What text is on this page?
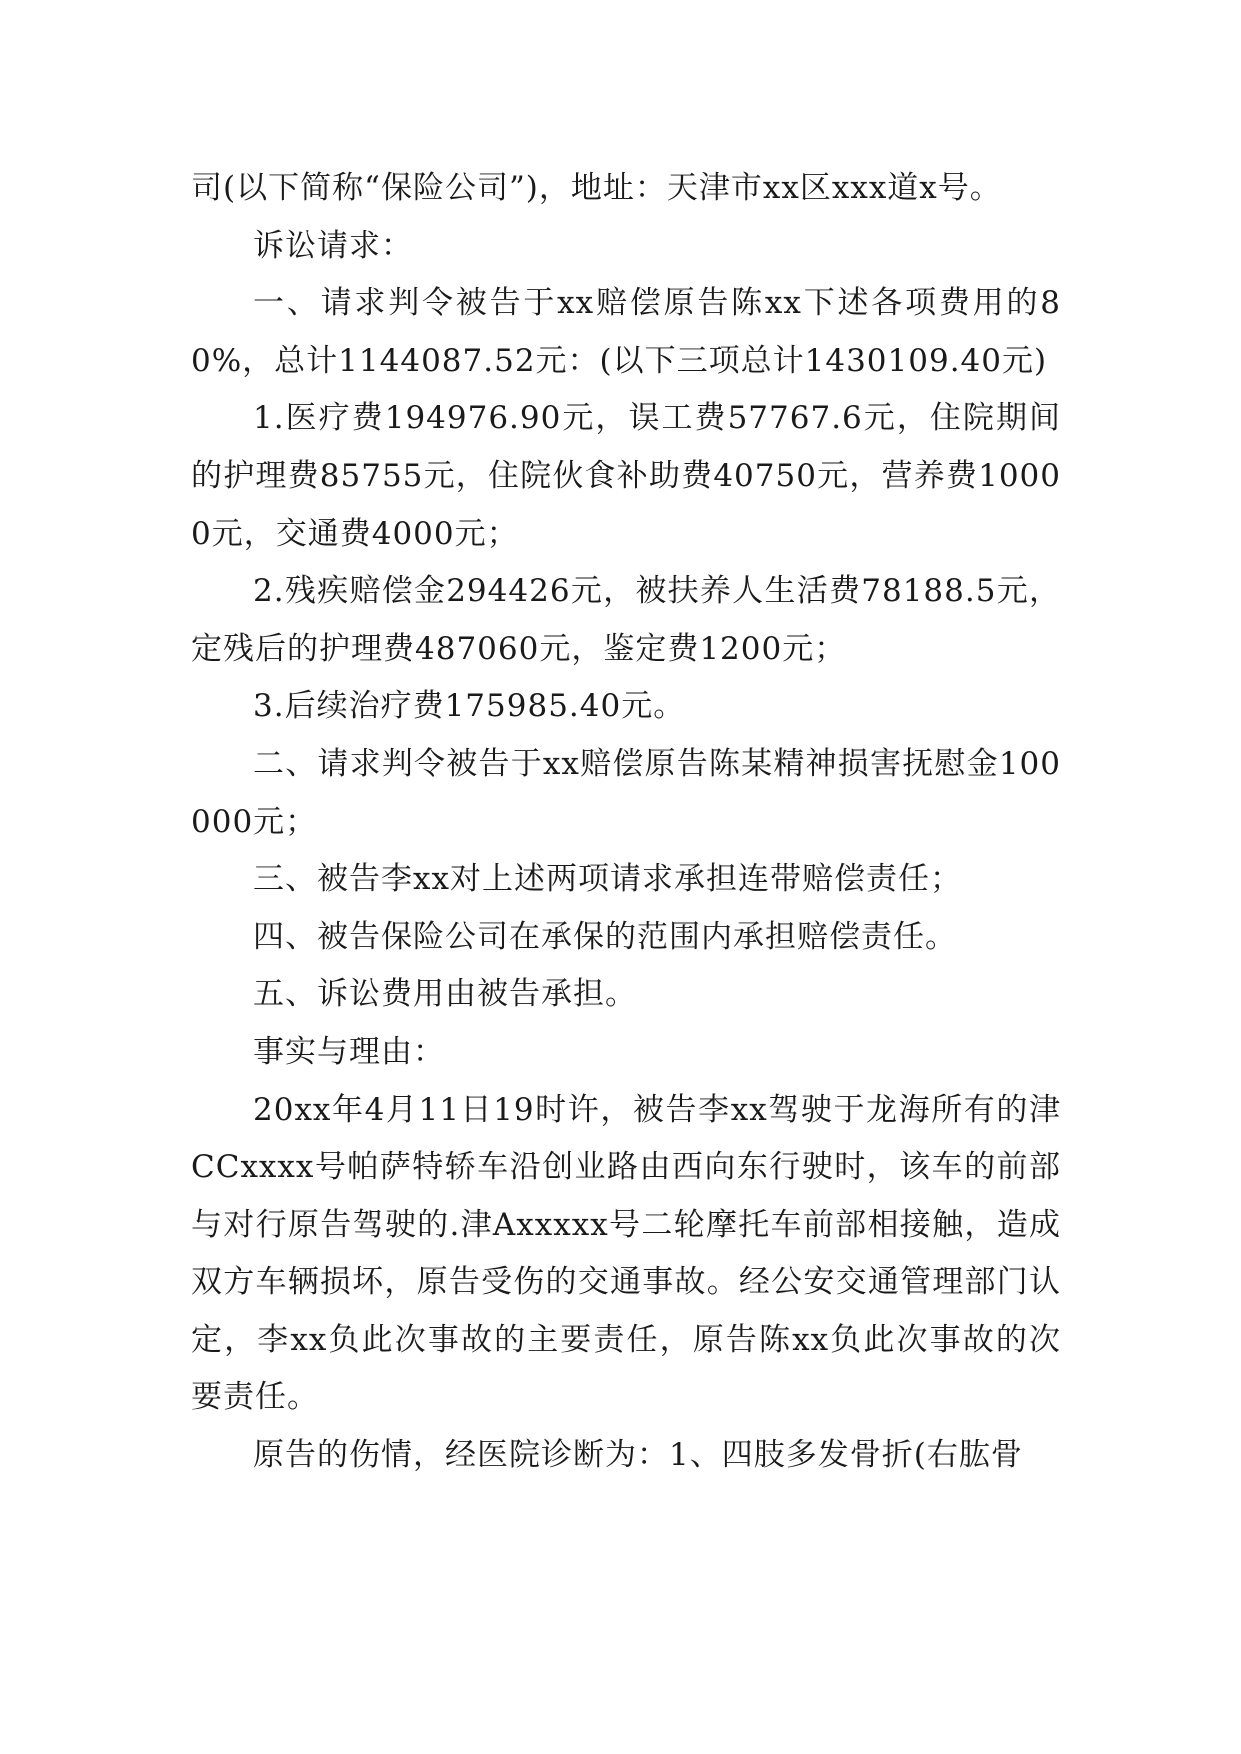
司(以下简称“保险公司”)，地址：天津市xx区xxx道x号。

诉讼请求：

一、请求判令被告于xx赔偿原告陈xx下述各项费用的80%，总计1144087.52元：(以下三项总计1430109.40元)

1.医疗费194976.90元，误工费57767.6元，住院期间的护理费85755元，住院伙食补助费40750元，营养费10000元，交通费4000元；

2.残疾赔偿金294426元，被扶养人生活费78188.5元，定残后的护理费487060元，鉴定费1200元；

3.后续治疗费175985.40元。

二、请求判令被告于xx赔偿原告陈某精神损害抚慰金100000元；

三、被告李xx对上述两项请求承担连带赔偿责任；

四、被告保险公司在承保的范围内承担赔偿责任。

五、诉讼费用由被告承担。

事实与理由：

20xx年4月11日19时许，被告李xx驾驶于龙海所有的津CCxxxx号帕萨特轿车沿创业路由西向东行驶时，该车的前部与对行原告驾驶的.津Axxxxx号二轮摩托车前部相接触，造成双方车辆损坏，原告受伤的交通事故。经公安交通管理部门认定，李xx负此次事故的主要责任，原告陈xx负此次事故的次要责任。

原告的伤情，经医院诊断为：1、四肢多发骨折(右肱骨
